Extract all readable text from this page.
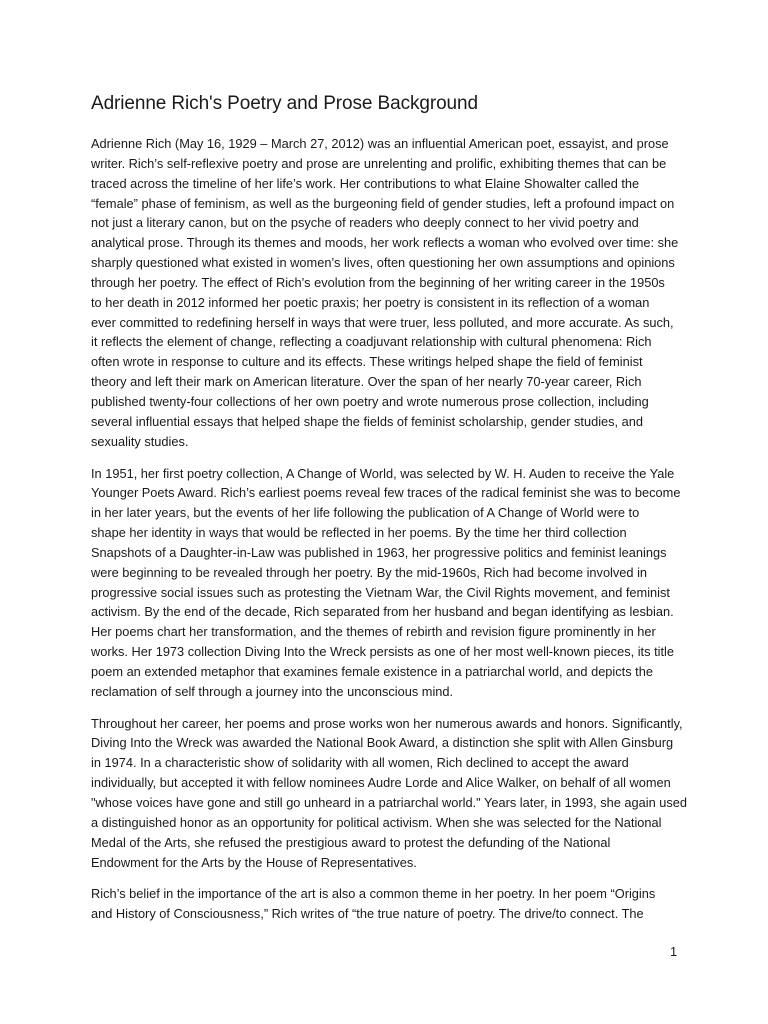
Adrienne Rich's Poetry and Prose Background

Adrienne Rich (May 16, 1929 – March 27, 2012) was an influential American poet, essayist, and prose
writer. Rich’s self-reflexive poetry and prose are unrelenting and prolific, exhibiting themes that can be
traced across the timeline of her life’s work. Her contributions to what Elaine Showalter called the
“female” phase of feminism, as well as the burgeoning field of gender studies, left a profound impact on
not just a literary canon, but on the psyche of readers who deeply connect to her vivid poetry and
analytical prose. Through its themes and moods, her work reflects a woman who evolved over time: she
sharply questioned what existed in women’s lives, often questioning her own assumptions and opinions
through her poetry. The effect of Rich’s evolution from the beginning of her writing career in the 1950s
to her death in 2012 informed her poetic praxis; her poetry is consistent in its reflection of a woman
ever committed to redefining herself in ways that were truer, less polluted, and more accurate. As such,
it reflects the element of change, reflecting a coadjuvant relationship with cultural phenomena: Rich
often wrote in response to culture and its effects. These writings helped shape the field of feminist
theory and left their mark on American literature. Over the span of her nearly 70-year career, Rich
published twenty-four collections of her own poetry and wrote numerous prose collection, including
several influential essays that helped shape the fields of feminist scholarship, gender studies, and
sexuality studies.

In 1951, her first poetry collection, A Change of World, was selected by W. H. Auden to receive the Yale
Younger Poets Award. Rich’s earliest poems reveal few traces of the radical feminist she was to become
in her later years, but the events of her life following the publication of A Change of World were to
shape her identity in ways that would be reflected in her poems. By the time her third collection
Snapshots of a Daughter-in-Law was published in 1963, her progressive politics and feminist leanings
were beginning to be revealed through her poetry. By the mid-1960s, Rich had become involved in
progressive social issues such as protesting the Vietnam War, the Civil Rights movement, and feminist
activism. By the end of the decade, Rich separated from her husband and began identifying as lesbian.
Her poems chart her transformation, and the themes of rebirth and revision figure prominently in her
works. Her 1973 collection Diving Into the Wreck persists as one of her most well-known pieces, its title
poem an extended metaphor that examines female existence in a patriarchal world, and depicts the
reclamation of self through a journey into the unconscious mind.

Throughout her career, her poems and prose works won her numerous awards and honors. Significantly,
Diving Into the Wreck was awarded the National Book Award, a distinction she split with Allen Ginsburg
in 1974. In a characteristic show of solidarity with all women, Rich declined to accept the award
individually, but accepted it with fellow nominees Audre Lorde and Alice Walker, on behalf of all women
"whose voices have gone and still go unheard in a patriarchal world." Years later, in 1993, she again used
a distinguished honor as an opportunity for political activism. When she was selected for the National
Medal of the Arts, she refused the prestigious award to protest the defunding of the National
Endowment for the Arts by the House of Representatives.

Rich’s belief in the importance of the art is also a common theme in her poetry. In her poem “Origins
and History of Consciousness,” Rich writes of “the true nature of poetry. The drive/to connect. The

1
